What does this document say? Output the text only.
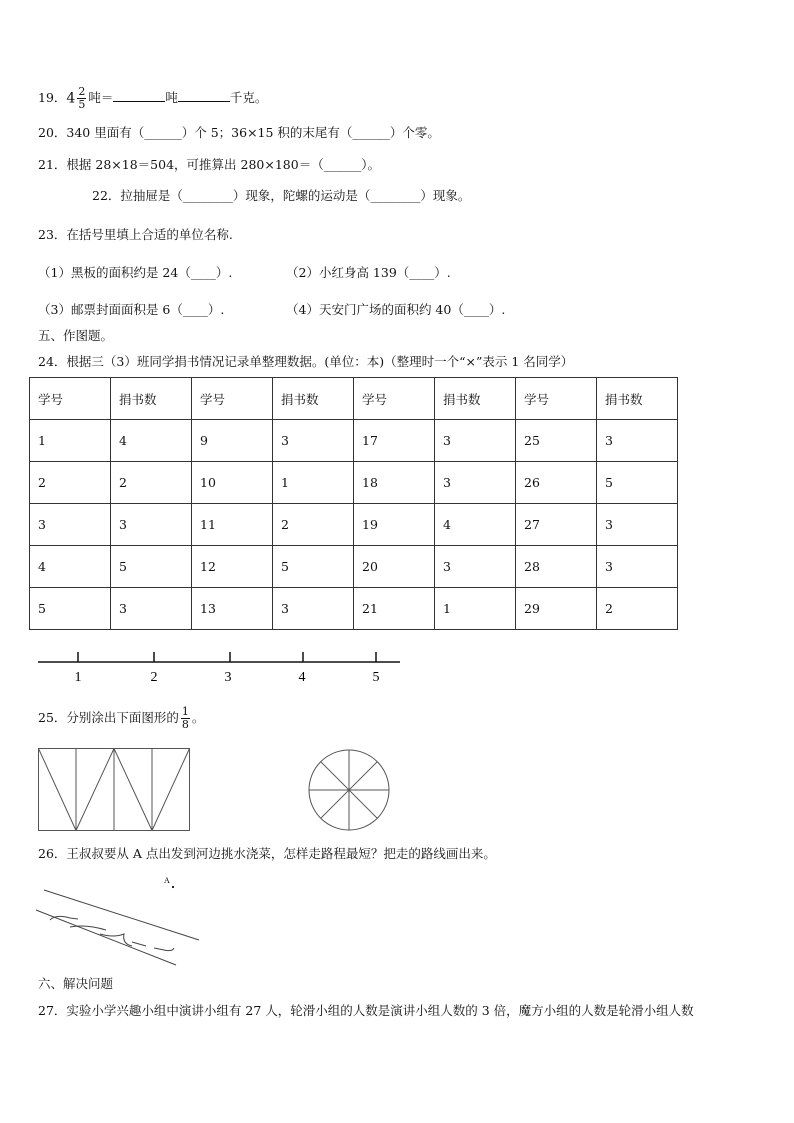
19．$4 \frac{2}{5}$ 吨＝	吨	千克。
20．340 里面有（______）个 5；36×15 积的末尾有（______）个零。
21．根据 28×18＝504，可推算出 280×180＝（______）。
22．拉抽屉是（________）现象，陀螺的运动是（________）现象。
23．在括号里填上合适的单位名称.
（1）黑板的面积约是 24（____）.	（2）小红身高 139（____）.
（3）邮票封面面积是 6（____）.	（4）天安门广场的面积约 40（____）.
五、作图题。
24．根据三（3）班同学捐书情况记录单整理数据。(单位：本)（整理时一个“×”表示 1 名同学）
学号	捐书数	学号	捐书数	学号	捐书数	学号	捐书数
1	4	9	3	17	3	25	3
2	2	10	1	18	3	26	5
3	3	11	2	19	4	27	3
4	5	12	5	20	3	28	3
5	3	13	3	21	1	29	2
1	2	3	4	5
25．分别涂出下面图形的 $\frac{1}{8}$ 。
26．王叔叔要从 A 点出发到河边挑水浇菜，怎样走路程最短？把走的路线画出来。
A
六、解决问题
27．实验小学兴趣小组中演讲小组有 27 人，轮滑小组的人数是演讲小组人数的 3 倍，魔方小组的人数是轮滑小组人数
